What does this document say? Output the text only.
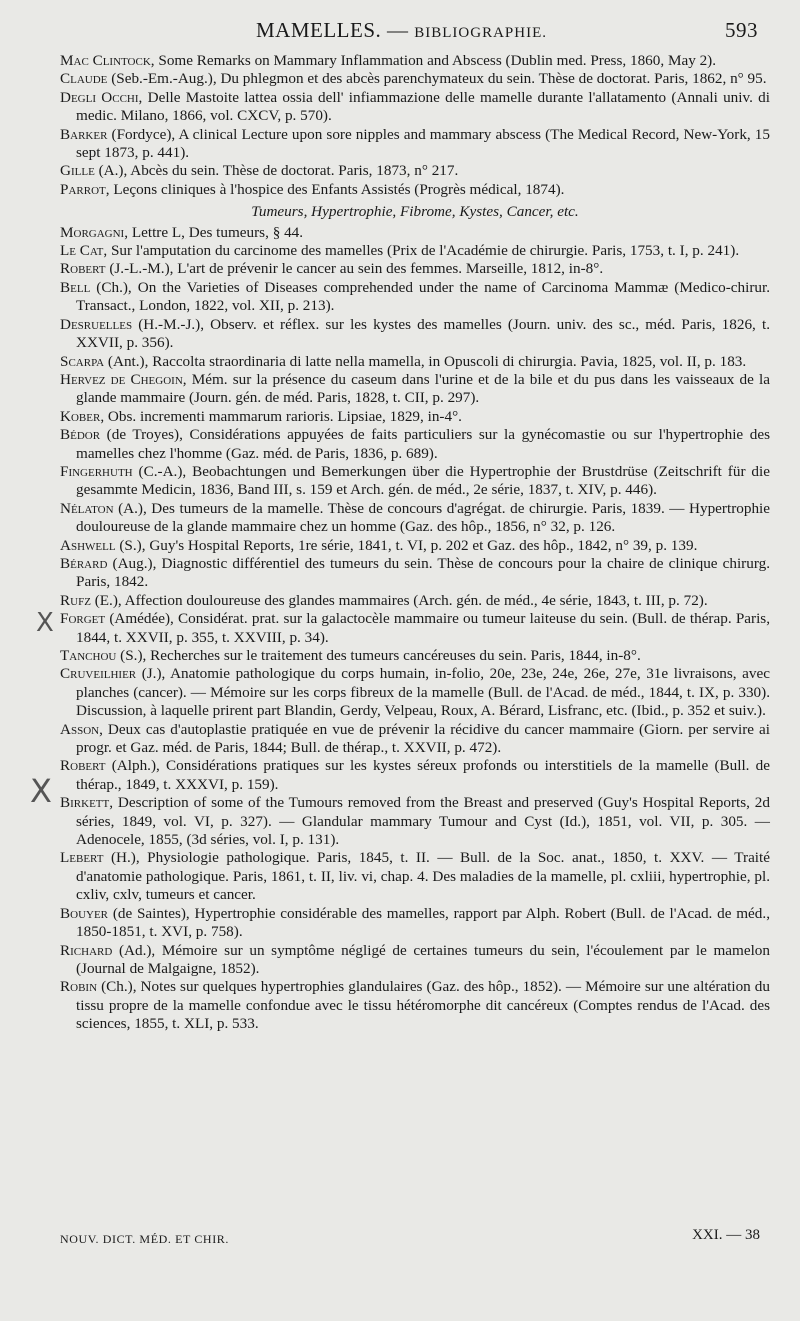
MAMELLES. — BIBLIOGRAPHIE.	593

Mac Clintock, Some Remarks on Mammary Inflammation and Abscess (Dublin med. Press, 1860, May 2).

Claude (Seb.-Em.-Aug.), Du phlegmon et des abcès parenchymateux du sein. Thèse de doctorat. Paris, 1862, n° 95.

Degli Occhi, Delle Mastoite lattea ossia dell' infiammazione delle mamelle durante l'allatamento (Annali univ. di medic. Milano, 1866, vol. CXCV, p. 570).

Barker (Fordyce), A clinical Lecture upon sore nipples and mammary abscess (The Medical Record, New-York, 15 sept 1873, p. 441).

Gille (A.), Abcès du sein. Thèse de doctorat. Paris, 1873, n° 217.

Parrot, Leçons cliniques à l'hospice des Enfants Assistés (Progrès médical, 1874).

Tumeurs, Hypertrophie, Fibrome, Kystes, Cancer, etc.

Morgagni, Lettre L, Des tumeurs, § 44.

Le Cat, Sur l'amputation du carcinome des mamelles (Prix de l'Académie de chirurgie. Paris, 1753, t. I, p. 241).

Robert (J.-L.-M.), L'art de prévenir le cancer au sein des femmes. Marseille, 1812, in-8°.

Bell (Ch.), On the Varieties of Diseases comprehended under the name of Carcinoma Mammæ (Medico-chirur. Transact., London, 1822, vol. XII, p. 213).

Desruelles (H.-M.-J.), Observ. et réflex. sur les kystes des mamelles (Journ. univ. des sc., méd. Paris, 1826, t. XXVII, p. 356).

Scarpa (Ant.), Raccolta straordinaria di latte nella mamella, in Opuscoli di chirurgia. Pavia, 1825, vol. II, p. 183.

Hervez de Chegoin, Mém. sur la présence du caseum dans l'urine et de la bile et du pus dans les vaisseaux de la glande mammaire (Journ. gén. de méd. Paris, 1828, t. CII, p. 297).

Kober, Obs. incrementi mammarum rarioris. Lipsiae, 1829, in-4°.

Bédor (de Troyes), Considérations appuyées de faits particuliers sur la gynécomastie ou sur l'hypertrophie des mamelles chez l'homme (Gaz. méd. de Paris, 1836, p. 689).

Fingerhuth (C.-A.), Beobachtungen und Bemerkungen über die Hypertrophie der Brustdrüse (Zeitschrift für die gesammte Medicin, 1836, Band III, s. 159 et Arch. gén. de méd., 2e série, 1837, t. XIV, p. 446).

Nélaton (A.), Des tumeurs de la mamelle. Thèse de concours d'agrégat. de chirurgie. Paris, 1839. — Hypertrophie douloureuse de la glande mammaire chez un homme (Gaz. des hôp., 1856, n° 32, p. 126.

Ashwell (S.), Guy's Hospital Reports, 1re série, 1841, t. VI, p. 202 et Gaz. des hôp., 1842, n° 39, p. 139.

Bérard (Aug.), Diagnostic différentiel des tumeurs du sein. Thèse de concours pour la chaire de clinique chirurg. Paris, 1842.

Rufz (E.), Affection douloureuse des glandes mammaires (Arch. gén. de méd., 4e série, 1843, t. III, p. 72).

Forget (Amédée), Considérat. prat. sur la galactocèle mammaire ou tumeur laiteuse du sein. (Bull. de thérap. Paris, 1844, t. XXVII, p. 355, t. XXVIII, p. 34).

Tanchou (S.), Recherches sur le traitement des tumeurs cancéreuses du sein. Paris, 1844, in-8°.

Cruveilhier (J.), Anatomie pathologique du corps humain, in-folio, 20e, 23e, 24e, 26e, 27e, 31e livraisons, avec planches (cancer). — Mémoire sur les corps fibreux de la mamelle (Bull. de l'Acad. de méd., 1844, t. IX, p. 330). Discussion, à laquelle prirent part Blandin, Gerdy, Velpeau, Roux, A. Bérard, Lisfranc, etc. (Ibid., p. 352 et suiv.).

Asson, Deux cas d'autoplastie pratiquée en vue de prévenir la récidive du cancer mammaire (Giorn. per servire ai progr. et Gaz. méd. de Paris, 1844; Bull. de thérap., t. XXVII, p. 472).

Robert (Alph.), Considérations pratiques sur les kystes séreux profonds ou interstitiels de la mamelle (Bull. de thérap., 1849, t. XXXVI, p. 159).

Birkett, Description of some of the Tumours removed from the Breast and preserved (Guy's Hospital Reports, 2d séries, 1849, vol. VI, p. 327). — Glandular mammary Tumour and Cyst (Id.), 1851, vol. VII, p. 305. — Adenocele, 1855, (3d séries, vol. I, p. 131).

Lebert (H.), Physiologie pathologique. Paris, 1845, t. II. — Bull. de la Soc. anat., 1850, t. XXV. — Traité d'anatomie pathologique. Paris, 1861, t. II, liv. vi, chap. 4. Des maladies de la mamelle, pl. cxliii, hypertrophie, pl. cxliv, cxlv, tumeurs et cancer.

Bouyer (de Saintes), Hypertrophie considérable des mamelles, rapport par Alph. Robert (Bull. de l'Acad. de méd., 1850-1851, t. XVI, p. 758).

Richard (Ad.), Mémoire sur un symptôme négligé de certaines tumeurs du sein, l'écoulement par le mamelon (Journal de Malgaigne, 1852).

Robin (Ch.), Notes sur quelques hypertrophies glandulaires (Gaz. des hôp., 1852). — Mémoire sur une altération du tissu propre de la mamelle confondue avec le tissu hétéromorphe dit cancéreux (Comptes rendus de l'Acad. des sciences, 1855, t. XLI, p. 533.

X
X
NOUV. DICT. MÉD. ET CHIR.	XXI. — 38
